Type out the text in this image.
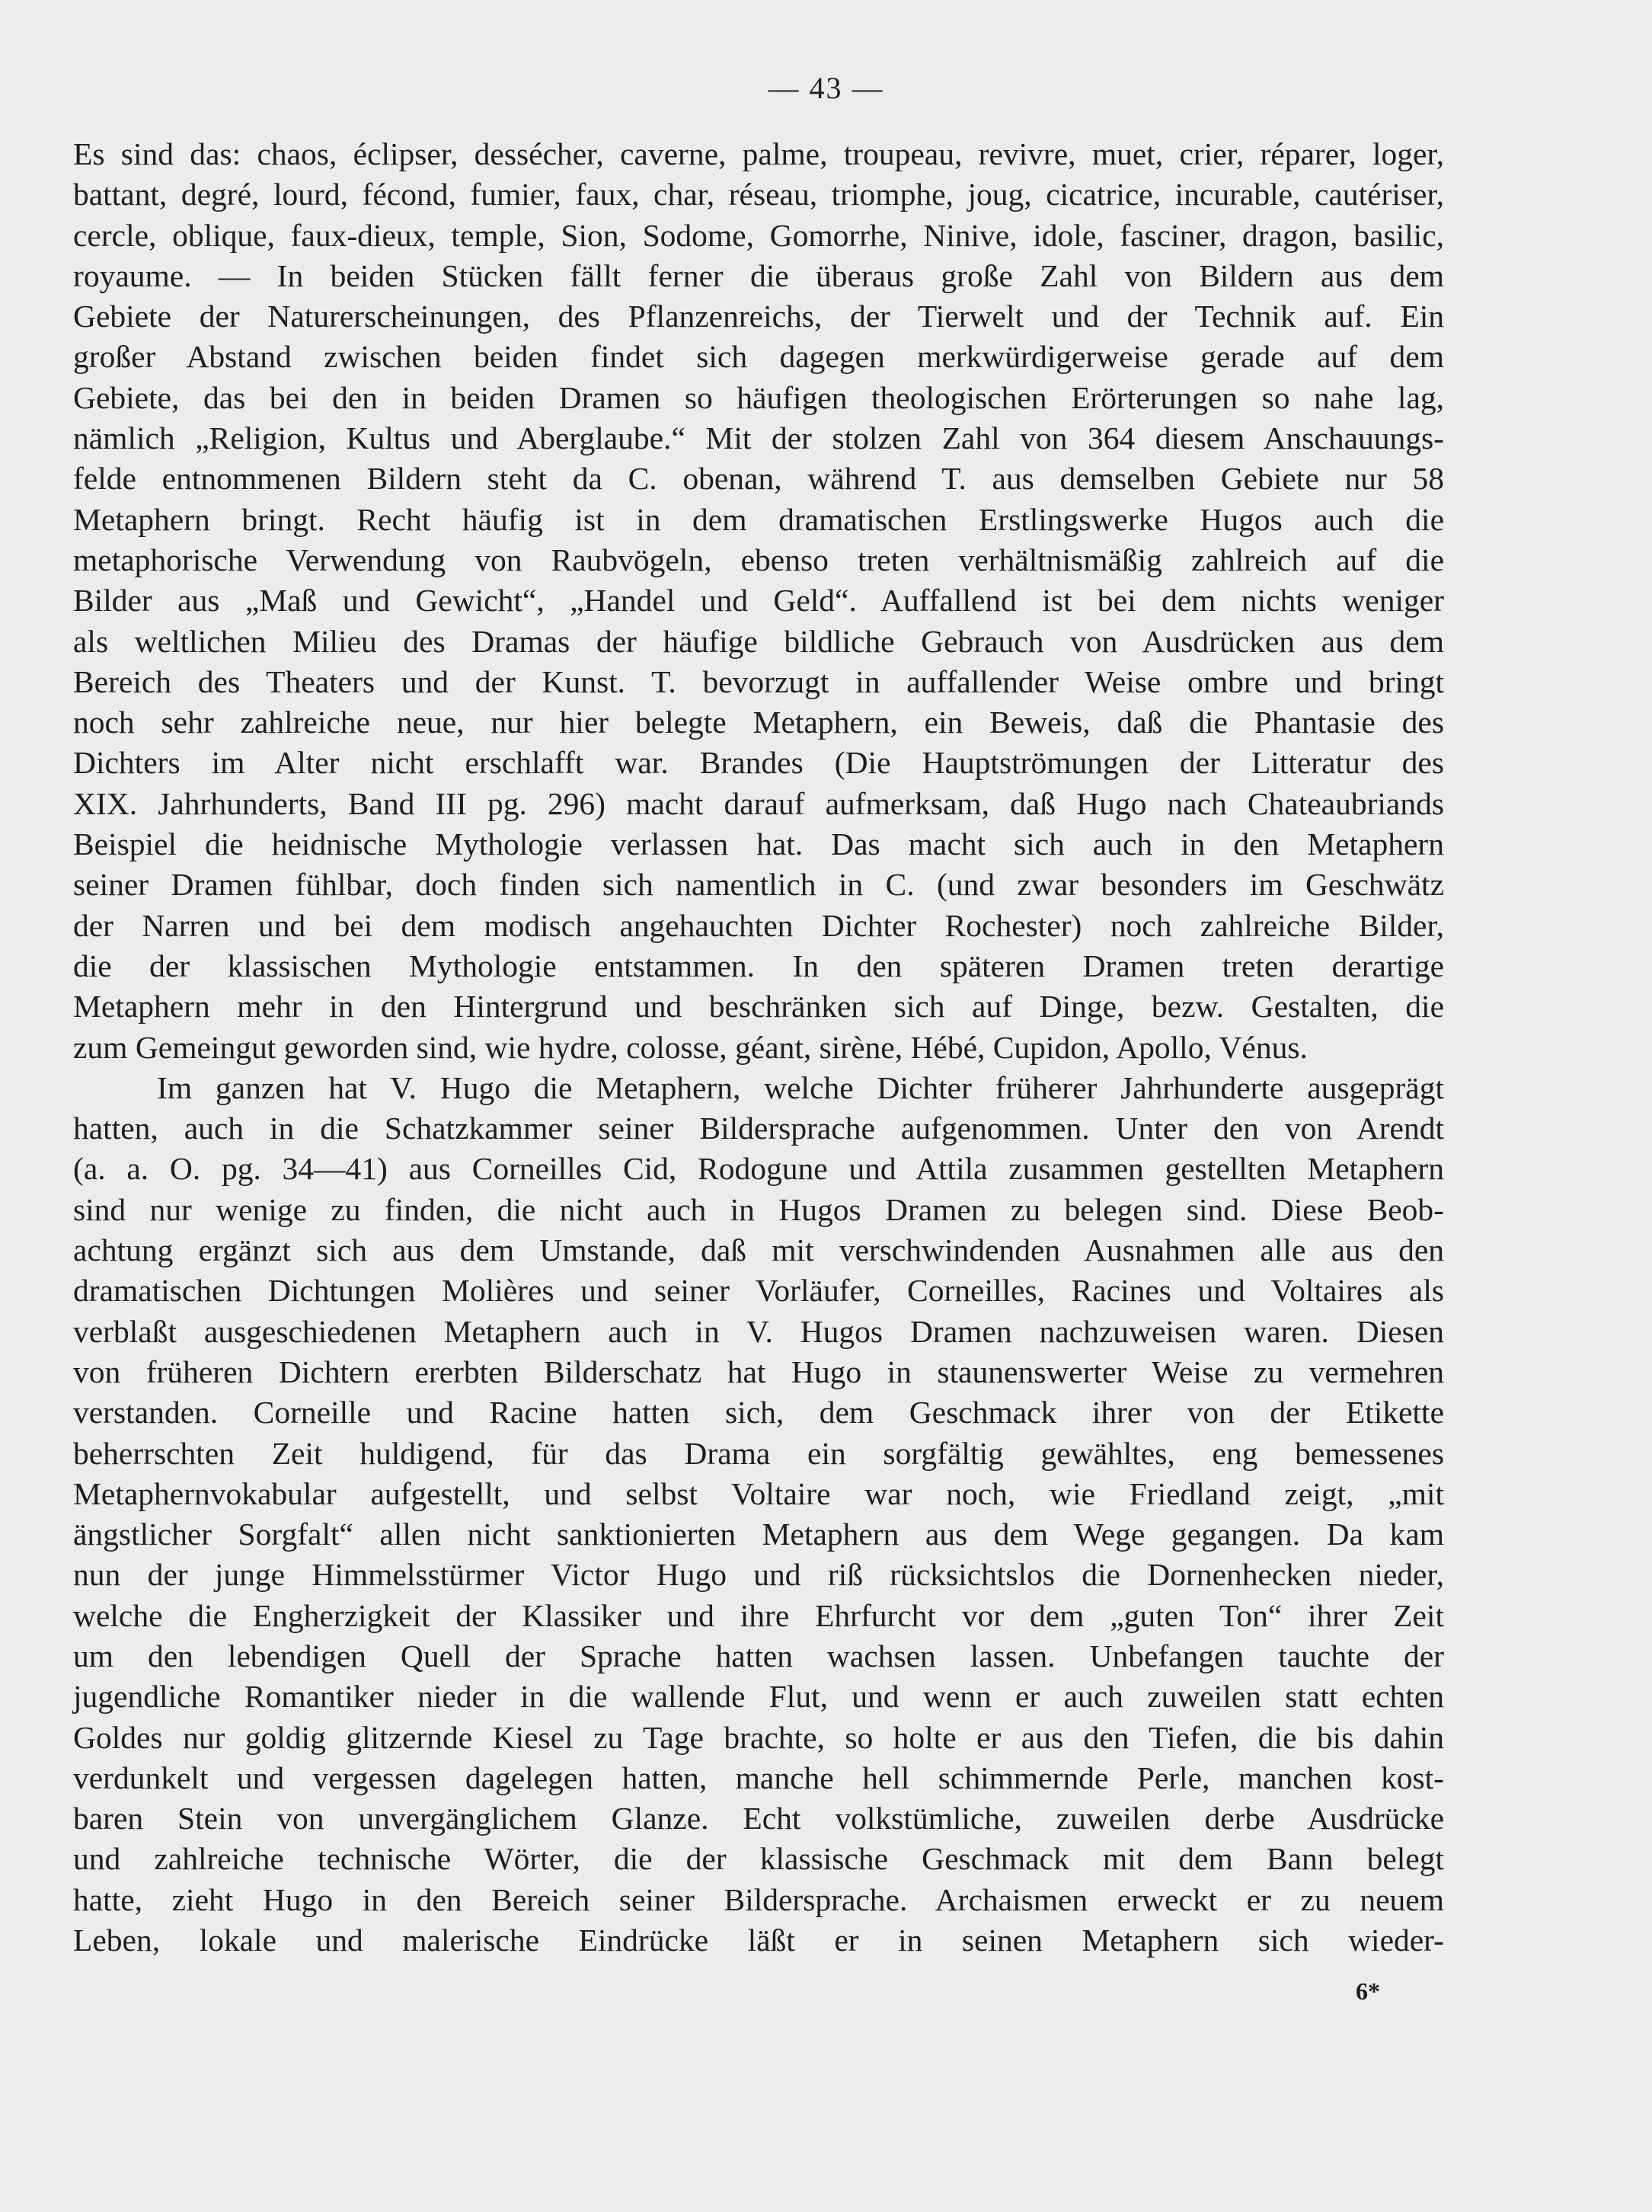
— 43 —
Es sind das: chaos, éclipser, dessécher, caverne, palme, troupeau, revivre, muet, crier, réparer, loger,
battant, degré, lourd, fécond, fumier, faux, char, réseau, triomphe, joug, cicatrice, incurable, cautériser,
cercle, oblique, faux-dieux, temple, Sion, Sodome, Gomorrhe, Ninive, idole, fasciner, dragon, basilic,
royaume. — In beiden Stücken fällt ferner die überaus große Zahl von Bildern aus dem
Gebiete der Naturerscheinungen, des Pflanzenreichs, der Tierwelt und der Technik auf. Ein
großer Abstand zwischen beiden findet sich dagegen merkwürdigerweise gerade auf dem
Gebiete, das bei den in beiden Dramen so häufigen theologischen Erörterungen so nahe lag,
nämlich „Religion, Kultus und Aberglaube.“ Mit der stolzen Zahl von 364 diesem Anschauungs-
felde entnommenen Bildern steht da C. obenan, während T. aus demselben Gebiete nur 58
Metaphern bringt. Recht häufig ist in dem dramatischen Erstlingswerke Hugos auch die
metaphorische Verwendung von Raubvögeln, ebenso treten verhältnismäßig zahlreich auf die
Bilder aus „Maß und Gewicht“, „Handel und Geld“. Auffallend ist bei dem nichts weniger
als weltlichen Milieu des Dramas der häufige bildliche Gebrauch von Ausdrücken aus dem
Bereich des Theaters und der Kunst. T. bevorzugt in auffallender Weise ombre und bringt
noch sehr zahlreiche neue, nur hier belegte Metaphern, ein Beweis, daß die Phantasie des
Dichters im Alter nicht erschlafft war. Brandes (Die Hauptströmungen der Litteratur des
XIX. Jahrhunderts, Band III pg. 296) macht darauf aufmerksam, daß Hugo nach Chateaubriands
Beispiel die heidnische Mythologie verlassen hat. Das macht sich auch in den Metaphern
seiner Dramen fühlbar, doch finden sich namentlich in C. (und zwar besonders im Geschwätz
der Narren und bei dem modisch angehauchten Dichter Rochester) noch zahlreiche Bilder,
die der klassischen Mythologie entstammen. In den späteren Dramen treten derartige
Metaphern mehr in den Hintergrund und beschränken sich auf Dinge, bezw. Gestalten, die
zum Gemeingut geworden sind, wie hydre, colosse, géant, sirène, Hébé, Cupidon, Apollo, Vénus.
Im ganzen hat V. Hugo die Metaphern, welche Dichter früherer Jahrhunderte ausgeprägt
hatten, auch in die Schatzkammer seiner Bildersprache aufgenommen. Unter den von Arendt
(a. a. O. pg. 34—41) aus Corneilles Cid, Rodogune und Attila zusammen gestellten Metaphern
sind nur wenige zu finden, die nicht auch in Hugos Dramen zu belegen sind. Diese Beob-
achtung ergänzt sich aus dem Umstande, daß mit verschwindenden Ausnahmen alle aus den
dramatischen Dichtungen Molières und seiner Vorläufer, Corneilles, Racines und Voltaires als
verblaßt ausgeschiedenen Metaphern auch in V. Hugos Dramen nachzuweisen waren. Diesen
von früheren Dichtern ererbten Bilderschatz hat Hugo in staunenswerter Weise zu vermehren
verstanden. Corneille und Racine hatten sich, dem Geschmack ihrer von der Etikette
beherrschten Zeit huldigend, für das Drama ein sorgfältig gewähltes, eng bemessenes
Metaphernvokabular aufgestellt, und selbst Voltaire war noch, wie Friedland zeigt, „mit
ängstlicher Sorgfalt“ allen nicht sanktionierten Metaphern aus dem Wege gegangen. Da kam
nun der junge Himmelsstürmer Victor Hugo und riß rücksichtslos die Dornenhecken nieder,
welche die Engherzigkeit der Klassiker und ihre Ehrfurcht vor dem „guten Ton“ ihrer Zeit
um den lebendigen Quell der Sprache hatten wachsen lassen. Unbefangen tauchte der
jugendliche Romantiker nieder in die wallende Flut, und wenn er auch zuweilen statt echten
Goldes nur goldig glitzernde Kiesel zu Tage brachte, so holte er aus den Tiefen, die bis dahin
verdunkelt und vergessen dagelegen hatten, manche hell schimmernde Perle, manchen kost-
baren Stein von unvergänglichem Glanze. Echt volkstümliche, zuweilen derbe Ausdrücke
und zahlreiche technische Wörter, die der klassische Geschmack mit dem Bann belegt
hatte, zieht Hugo in den Bereich seiner Bildersprache. Archaismen erweckt er zu neuem
Leben, lokale und malerische Eindrücke läßt er in seinen Metaphern sich wieder-
6*
